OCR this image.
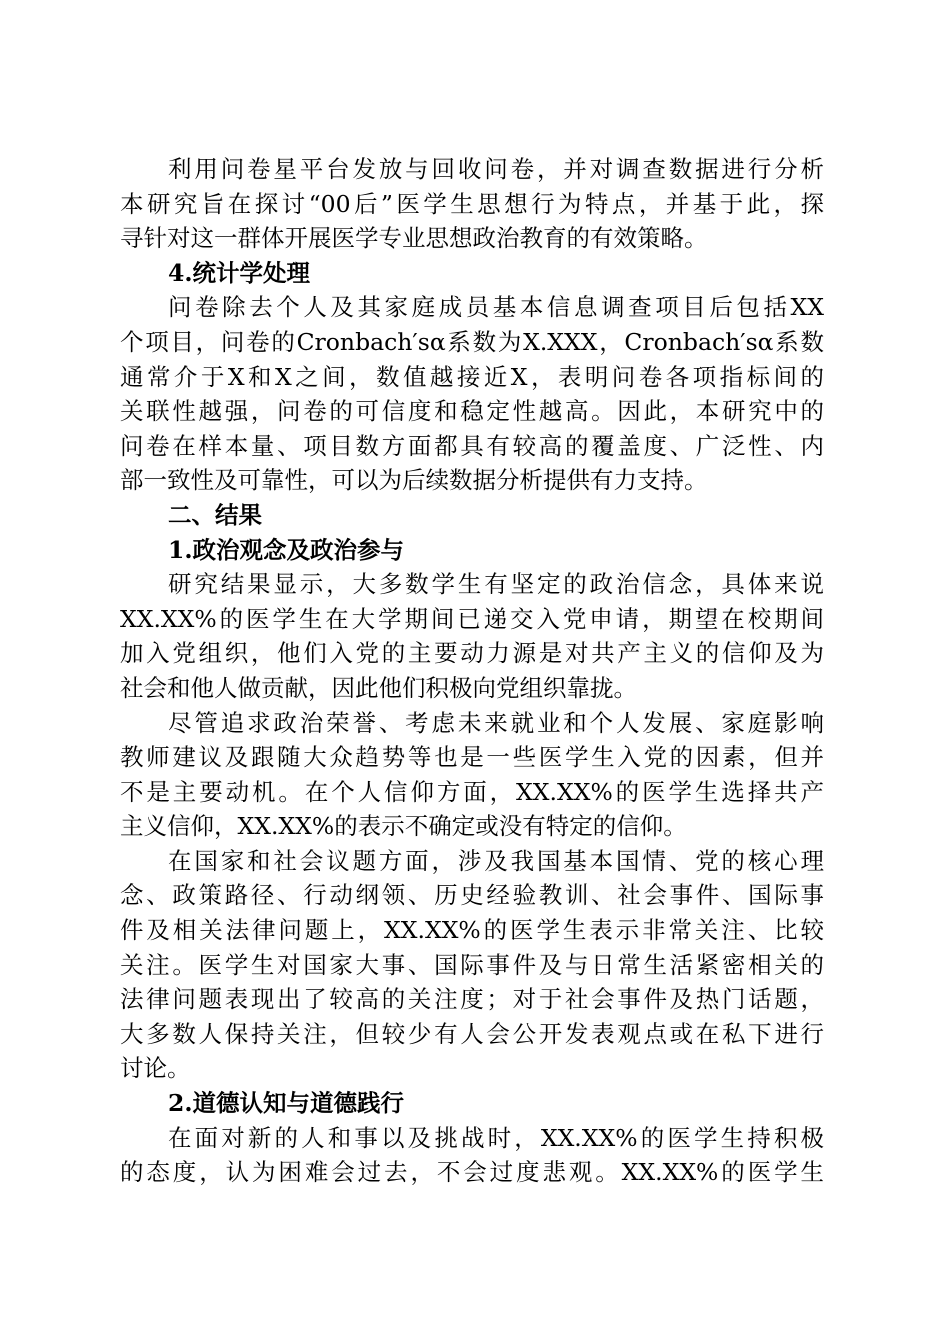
利用问卷星平台发放与回收问卷，并对调查数据进行分析
本研究旨在探讨“00后”医学生思想行为特点，并基于此，探
寻针对这一群体开展医学专业思想政治教育的有效策略。
4.统计学处理
问卷除去个人及其家庭成员基本信息调查项目后包括XX
个项目，问卷的Cronbach′sα系数为X.XXX，Cronbach′sα系数
通常介于X和X之间，数值越接近X，表明问卷各项指标间的
关联性越强，问卷的可信度和稳定性越高。因此，本研究中的
问卷在样本量、项目数方面都具有较高的覆盖度、广泛性、内
部一致性及可靠性，可以为后续数据分析提供有力支持。
二、结果
1.政治观念及政治参与
研究结果显示，大多数学生有坚定的政治信念，具体来说
XX.XX%的医学生在大学期间已递交入党申请，期望在校期间
加入党组织，他们入党的主要动力源是对共产主义的信仰及为
社会和他人做贡献，因此他们积极向党组织靠拢。
尽管追求政治荣誉、考虑未来就业和个人发展、家庭影响
教师建议及跟随大众趋势等也是一些医学生入党的因素，但并
不是主要动机。在个人信仰方面，XX.XX%的医学生选择共产
主义信仰，XX.XX%的表示不确定或没有特定的信仰。
在国家和社会议题方面，涉及我国基本国情、党的核心理
念、政策路径、行动纲领、历史经验教训、社会事件、国际事
件及相关法律问题上，XX.XX%的医学生表示非常关注、比较
关注。医学生对国家大事、国际事件及与日常生活紧密相关的
法律问题表现出了较高的关注度；对于社会事件及热门话题，
大多数人保持关注，但较少有人会公开发表观点或在私下进行
讨论。
2.道德认知与道德践行
在面对新的人和事以及挑战时，XX.XX%的医学生持积极
的态度，认为困难会过去，不会过度悲观。XX.XX%的医学生
